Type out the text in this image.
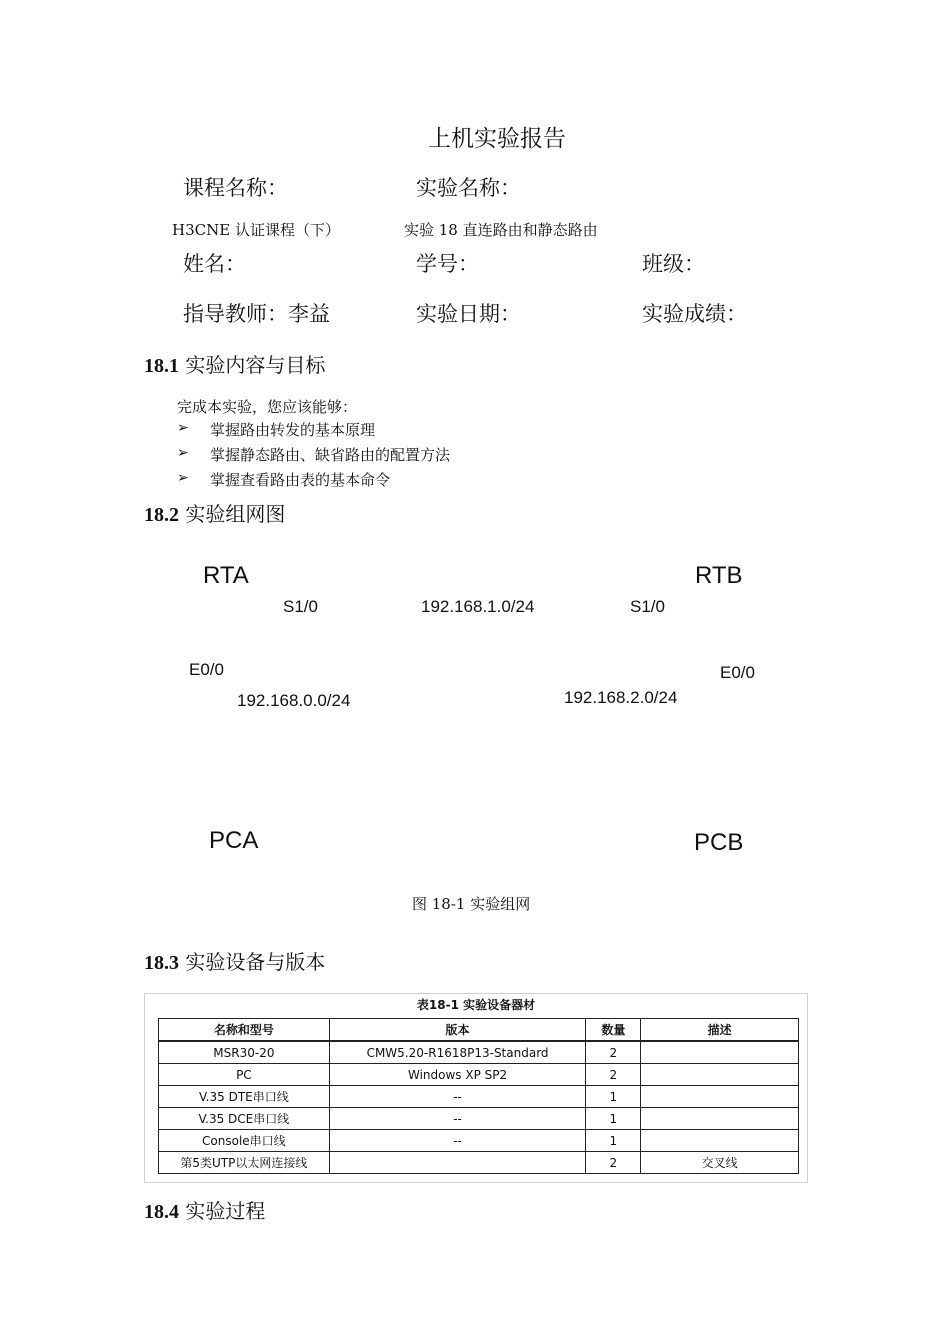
上机实验报告
课程名称：	实验名称：
H3CNE 认证课程（下）	实验 18 直连路由和静态路由
姓名：	学号：	班级：
指导教师：李益	实验日期：	实验成绩：
18.1 实验内容与目标
完成本实验，您应该能够：
➢ 掌握路由转发的基本原理
➢ 掌握静态路由、缺省路由的配置方法
➢ 掌握查看路由表的基本命令
18.2 实验组网图
RTA	RTB
S1/0	192.168.1.0/24	S1/0
E0/0	E0/0
192.168.0.0/24	192.168.2.0/24
PCA	PCB
图 18-1 实验组网
18.3 实验设备与版本
表18-1 实验设备器材
名称和型号	版本	数量	描述
MSR30-20	CMW5.20-R1618P13-Standard	2	
PC	Windows XP SP2	2	
V.35 DTE串口线	--	1	
V.35 DCE串口线	--	1	
Console串口线	--	1	
第5类UTP以太网连接线		2	交叉线
18.4 实验过程
